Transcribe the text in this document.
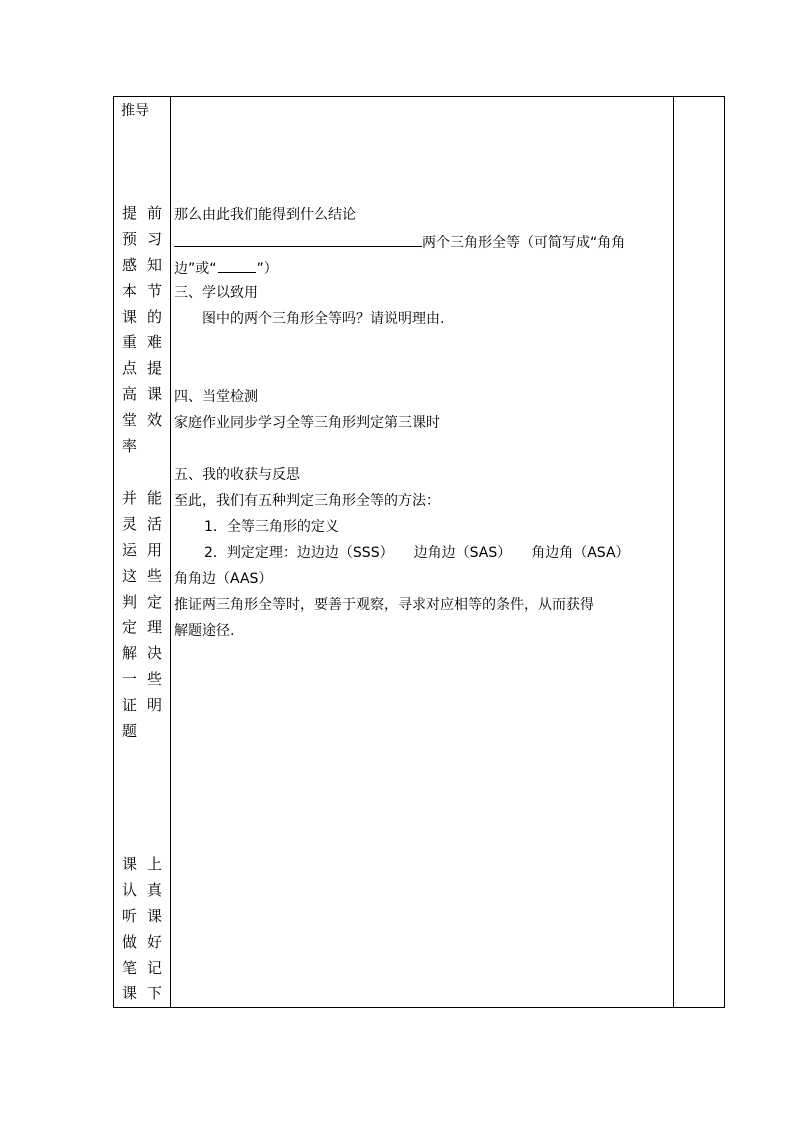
推导
提 前
预 习
感 知
本 节
课 的
重 难
点 提
高 课
堂 效
率
并 能
灵 活
运 用
这 些
判 定
定 理
解 决
一 些
证 明
题
课 上
认 真
听 课
做 好
笔 记
课 下
那么由此我们能得到什么结论
两个三角形全等（可简写成“角角
边”或“	”）
三、学以致用
图中的两个三角形全等吗？请说明理由.
四、当堂检测
家庭作业同步学习全等三角形判定第三课时
五、我的收获与反思
至此，我们有五种判定三角形全等的方法：
1．全等三角形的定义
2．判定定理：边边边（SSS） 边角边（SAS） 角边角（ASA）
角角边（AAS）
推证两三角形全等时，要善于观察，寻求对应相等的条件，从而获得
解题途径.
